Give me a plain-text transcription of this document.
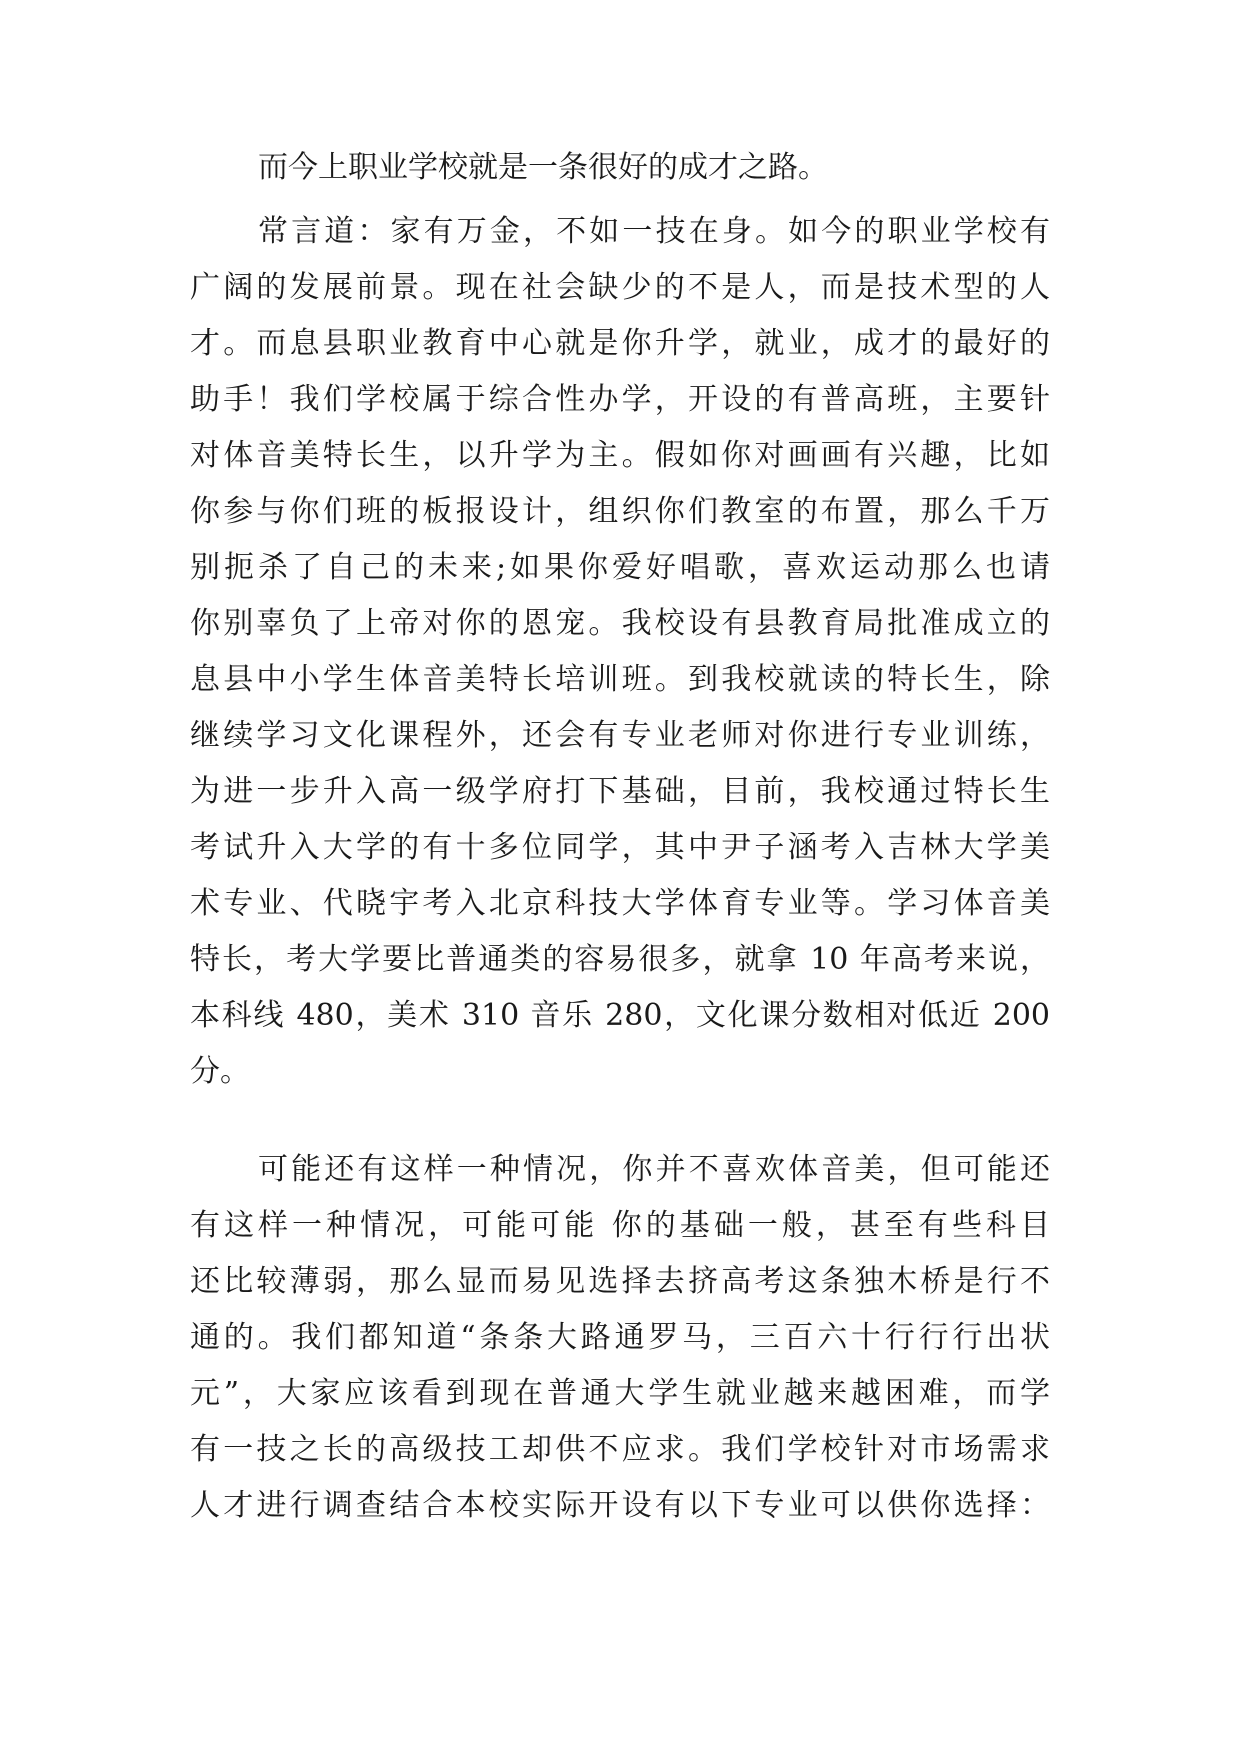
而今上职业学校就是一条很好的成才之路。

常言道：家有万金，不如一技在身。如今的职业学校有

广阔的发展前景。现在社会缺少的不是人，而是技术型的人

才。而息县职业教育中心就是你升学，就业，成才的最好的

助手！我们学校属于综合性办学，开设的有普高班，主要针

对体音美特长生，以升学为主。假如你对画画有兴趣，比如

你参与你们班的板报设计，组织你们教室的布置，那么千万

别扼杀了自己的未来;如果你爱好唱歌，喜欢运动那么也请

你别辜负了上帝对你的恩宠。我校设有县教育局批准成立的

息县中小学生体音美特长培训班。到我校就读的特长生，除

继续学习文化课程外，还会有专业老师对你进行专业训练，

为进一步升入高一级学府打下基础，目前，我校通过特长生

考试升入大学的有十多位同学，其中尹子涵考入吉林大学美

术专业、代晓宇考入北京科技大学体育专业等。学习体音美

特长，考大学要比普通类的容易很多，就拿 10 年高考来说，

本科线 480，美术 310 音乐 280，文化课分数相对低近 200

分。

可能还有这样一种情况，你并不喜欢体音美，但可能还

有这样一种情况，可能可能 你的基础一般，甚至有些科目

还比较薄弱，那么显而易见选择去挤高考这条独木桥是行不

通的。我们都知道“条条大路通罗马，三百六十行行行出状

元”，大家应该看到现在普通大学生就业越来越困难，而学

有一技之长的高级技工却供不应求。我们学校针对市场需求

人才进行调查结合本校实际开设有以下专业可以供你选择：
